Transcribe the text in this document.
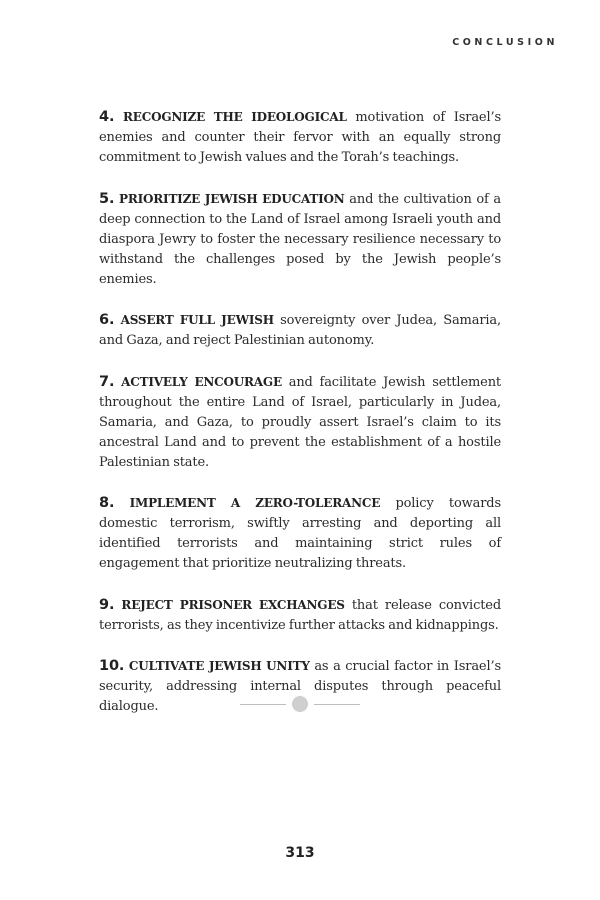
CONCLUSION

4. RECOGNIZE THE IDEOLOGICAL motivation of Israel’s enemies and counter their fervor with an equally strong commitment to Jewish values and the Torah’s teachings.

5. PRIORITIZE JEWISH EDUCATION and the cultivation of a deep connection to the Land of Israel among Israeli youth and diaspora Jewry to foster the necessary resilience necessary to withstand the challenges posed by the Jewish people’s enemies.

6. ASSERT FULL JEWISH sovereignty over Judea, Samaria, and Gaza, and reject Palestinian autonomy.

7. ACTIVELY ENCOURAGE and facilitate Jewish settlement throughout the entire Land of Israel, particularly in Judea, Samaria, and Gaza, to proudly assert Israel’s claim to its ancestral Land and to prevent the establishment of a hostile Palestinian state.

8. IMPLEMENT A ZERO-TOLERANCE policy towards domestic terrorism, swiftly arresting and deporting all identified terrorists and maintaining strict rules of engagement that prioritize neutralizing threats.

9. REJECT PRISONER EXCHANGES that release convicted terrorists, as they incentivize further attacks and kidnappings.

10. CULTIVATE JEWISH UNITY as a crucial factor in Israel’s security, addressing internal disputes through peaceful dialogue.

313
